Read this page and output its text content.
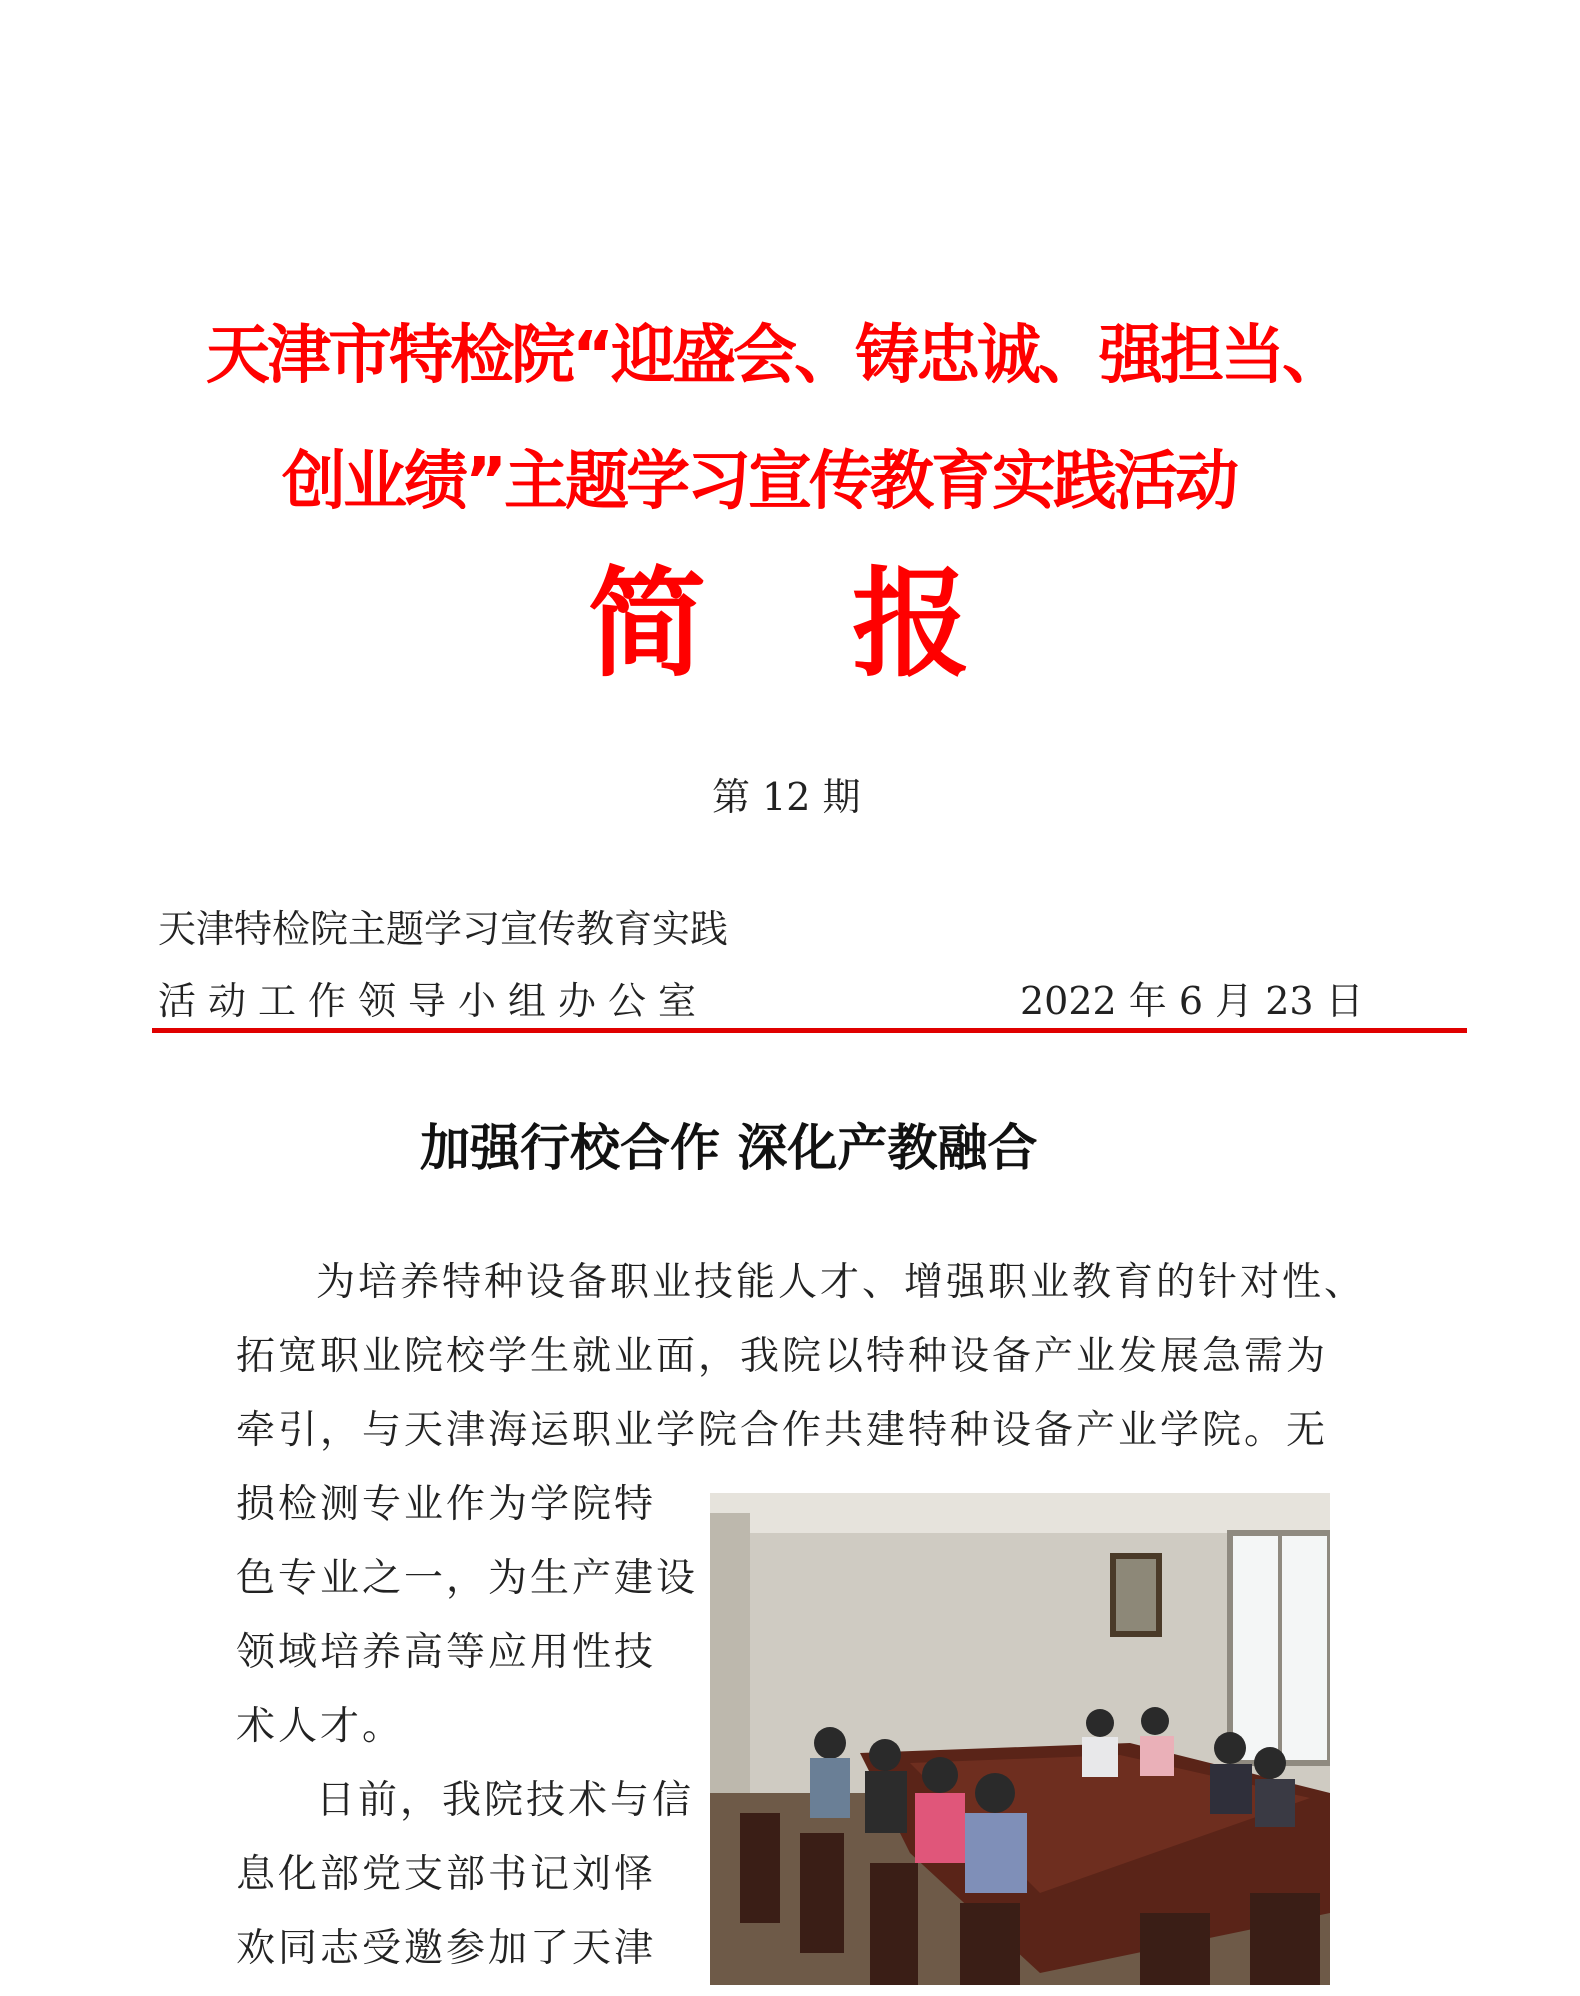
天津市特检院“迎盛会、铸忠诚、强担当、
创业绩”主题学习宣传教育实践活动
简 报
第 12 期
天津特检院主题学习宣传教育实践
活动工作领导小组办公室	2022 年 6 月 23 日
加强行校合作 深化产教融合
为培养特种设备职业技能人才、增强职业教育的针对性、
拓宽职业院校学生就业面，我院以特种设备产业发展急需为
牵引，与天津海运职业学院合作共建特种设备产业学院。无
损检测专业作为学院特
色专业之一，为生产建设
领域培养高等应用性技
术人才。
日前，我院技术与信
息化部党支部书记刘怿
欢同志受邀参加了天津
